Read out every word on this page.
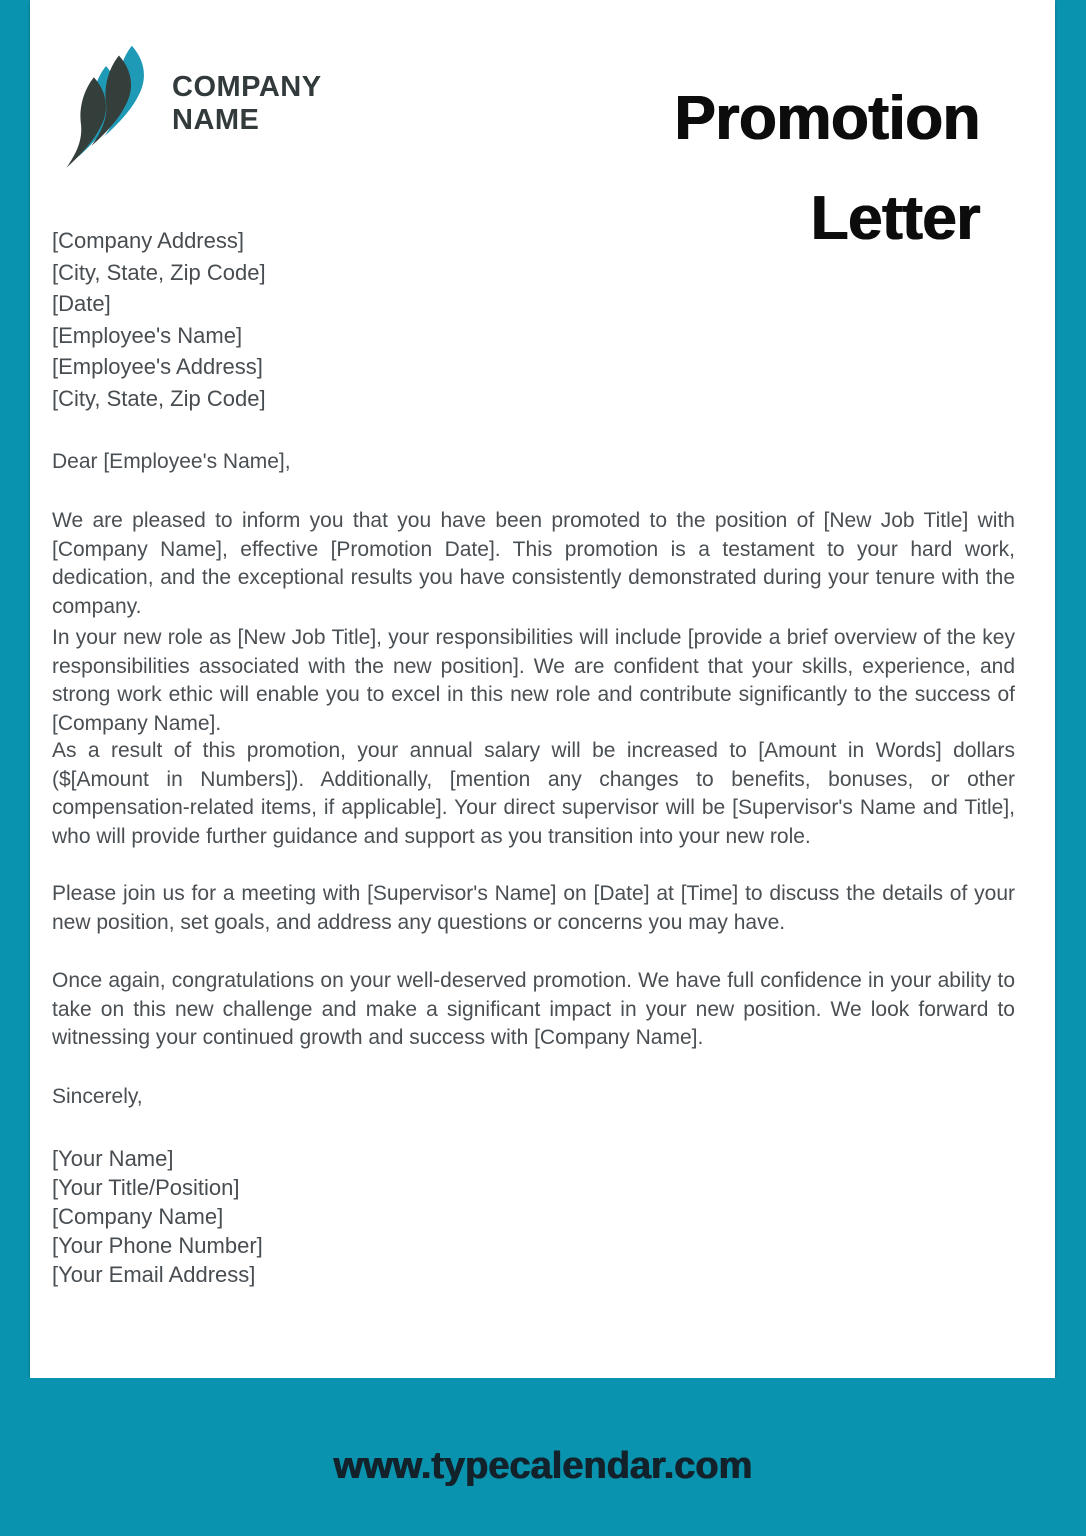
COMPANY
NAME	Promotion
Letter
[Company Address]
[City, State, Zip Code]
[Date]
[Employee's Name]
[Employee's Address]
[City, State, Zip Code]
Dear [Employee's Name],
We are pleased to inform you that you have been promoted to the position of [New Job Title] with [Company Name], effective [Promotion Date]. This promotion is a testament to your hard work, dedication, and the exceptional results you have consistently demonstrated during your tenure with the company.
In your new role as [New Job Title], your responsibilities will include [provide a brief overview of the key responsibilities associated with the new position]. We are confident that your skills, experience, and strong work ethic will enable you to excel in this new role and contribute significantly to the success of [Company Name].
As a result of this promotion, your annual salary will be increased to [Amount in Words] dollars ($[Amount in Numbers]). Additionally, [mention any changes to benefits, bonuses, or other compensation-related items, if applicable]. Your direct supervisor will be [Supervisor's Name and Title], who will provide further guidance and support as you transition into your new role.
Please join us for a meeting with [Supervisor's Name] on [Date] at [Time] to discuss the details of your new position, set goals, and address any questions or concerns you may have.
Once again, congratulations on your well-deserved promotion. We have full confidence in your ability to take on this new challenge and make a significant impact in your new position. We look forward to witnessing your continued growth and success with [Company Name].
Sincerely,
[Your Name]
[Your Title/Position]
[Company Name]
[Your Phone Number]
[Your Email Address]
www.typecalendar.com
